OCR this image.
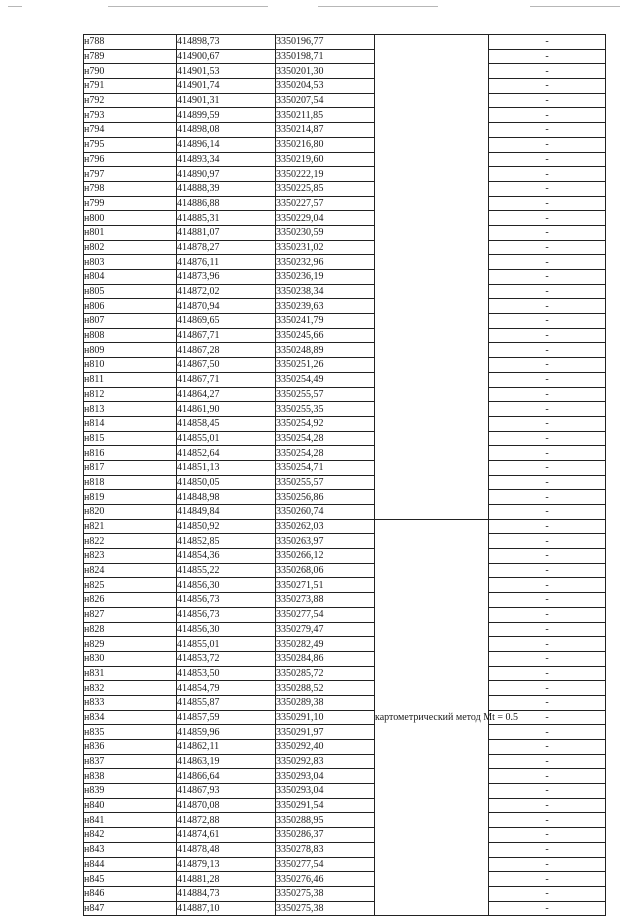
н788	414898,73	3350196,77		-
н789	414900,67	3350198,71		-
н790	414901,53	3350201,30		-
н791	414901,74	3350204,53		-
н792	414901,31	3350207,54		-
н793	414899,59	3350211,85		-
н794	414898,08	3350214,87		-
н795	414896,14	3350216,80		-
н796	414893,34	3350219,60		-
н797	414890,97	3350222,19		-
н798	414888,39	3350225,85		-
н799	414886,88	3350227,57		-
н800	414885,31	3350229,04		-
н801	414881,07	3350230,59		-
н802	414878,27	3350231,02		-
н803	414876,11	3350232,96		-
н804	414873,96	3350236,19		-
н805	414872,02	3350238,34		-
н806	414870,94	3350239,63		-
н807	414869,65	3350241,79		-
н808	414867,71	3350245,66		-
н809	414867,28	3350248,89		-
н810	414867,50	3350251,26		-
н811	414867,71	3350254,49		-
н812	414864,27	3350255,57		-
н813	414861,90	3350255,35		-
н814	414858,45	3350254,92		-
н815	414855,01	3350254,28		-
н816	414852,64	3350254,28		-
н817	414851,13	3350254,71		-
н818	414850,05	3350255,57		-
н819	414848,98	3350256,86		-
н820	414849,84	3350260,74		-
н821	414850,92	3350262,03	картометрический метод Mt = 0.5	-
н822	414852,85	3350263,97		-
н823	414854,36	3350266,12		-
н824	414855,22	3350268,06		-
н825	414856,30	3350271,51		-
н826	414856,73	3350273,88		-
н827	414856,73	3350277,54		-
н828	414856,30	3350279,47		-
н829	414855,01	3350282,49		-
н830	414853,72	3350284,86		-
н831	414853,50	3350285,72		-
н832	414854,79	3350288,52		-
н833	414855,87	3350289,38		-
н834	414857,59	3350291,10		-
н835	414859,96	3350291,97		-
н836	414862,11	3350292,40		-
н837	414863,19	3350292,83		-
н838	414866,64	3350293,04		-
н839	414867,93	3350293,04		-
н840	414870,08	3350291,54		-
н841	414872,88	3350288,95		-
н842	414874,61	3350286,37		-
н843	414878,48	3350278,83		-
н844	414879,13	3350277,54		-
н845	414881,28	3350276,46		-
н846	414884,73	3350275,38		-
н847	414887,10	3350275,38		-
